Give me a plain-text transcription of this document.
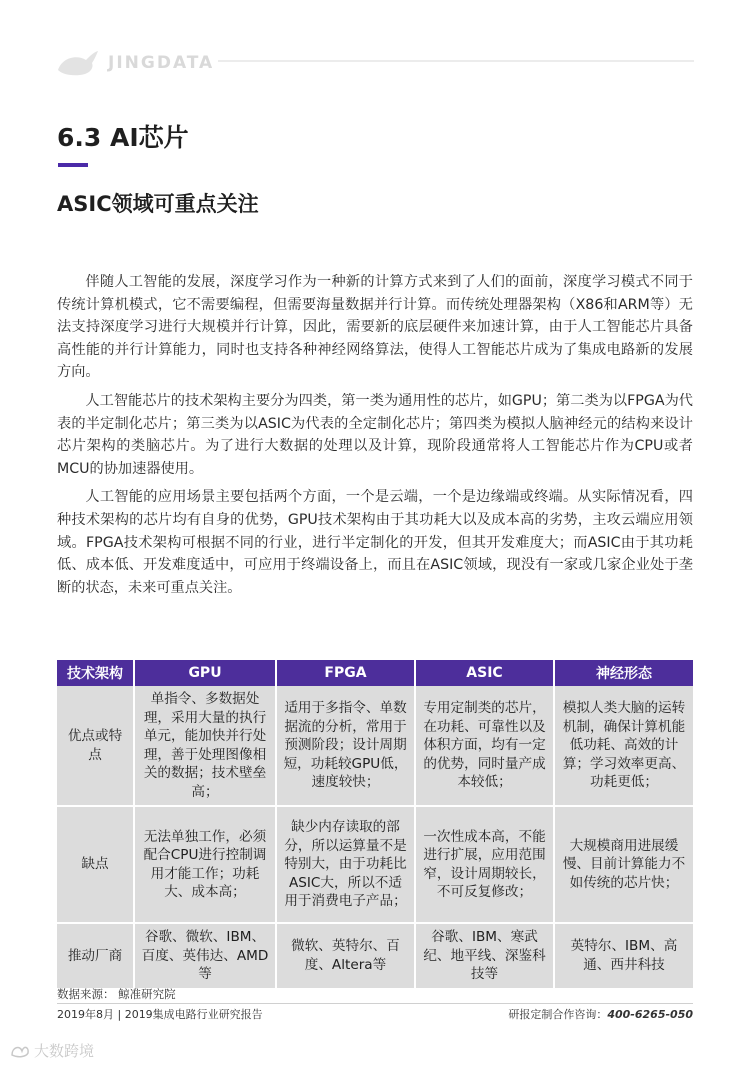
JINGDATA
6.3 AI芯片
ASIC领域可重点关注

伴随人工智能的发展，深度学习作为一种新的计算方式来到了人们的面前，深度学习模式不同于传统计算机模式，它不需要编程，但需要海量数据并行计算。而传统处理器架构（X86和ARM等）无法支持深度学习进行大规模并行计算，因此，需要新的底层硬件来加速计算，由于人工智能芯片具备高性能的并行计算能力，同时也支持各种神经网络算法，使得人工智能芯片成为了集成电路新的发展方向。

人工智能芯片的技术架构主要分为四类，第一类为通用性的芯片，如GPU；第二类为以FPGA为代表的半定制化芯片；第三类为以ASIC为代表的全定制化芯片；第四类为模拟人脑神经元的结构来设计芯片架构的类脑芯片。为了进行大数据的处理以及计算，现阶段通常将人工智能芯片作为CPU或者MCU的协加速器使用。

人工智能的应用场景主要包括两个方面，一个是云端，一个是边缘端或终端。从实际情况看，四种技术架构的芯片均有自身的优势，GPU技术架构由于其功耗大以及成本高的劣势，主攻云端应用领域。FPGA技术架构可根据不同的行业，进行半定制化的开发，但其开发难度大；而ASIC由于其功耗低、成本低、开发难度适中，可应用于终端设备上，而且在ASIC领域，现没有一家或几家企业处于垄断的状态，未来可重点关注。

技术架构	GPU	FPGA	ASIC	神经形态
优点或特点	单指令、多数据处理，采用大量的执行单元，能加快并行处理，善于处理图像相关的数据；技术壁垒高；	适用于多指令、单数据流的分析，常用于预测阶段；设计周期短，功耗较GPU低，速度较快；	专用定制类的芯片，在功耗、可靠性以及体积方面，均有一定的优势，同时量产成本较低；	模拟人类大脑的运转机制，确保计算机能低功耗、高效的计算；学习效率更高、功耗更低；
缺点	无法单独工作，必须配合CPU进行控制调用才能工作；功耗大、成本高；	缺少内存读取的部分，所以运算量不是特别大，由于功耗比ASIC大，所以不适用于消费电子产品；	一次性成本高，不能进行扩展，应用范围窄，设计周期较长，不可反复修改；	大规模商用进展缓慢、目前计算能力不如传统的芯片快；
推动厂商	谷歌、微软、IBM、百度、英伟达、AMD等	微软、英特尔、百度、Altera等	谷歌、IBM、寒武纪、地平线、深鉴科技等	英特尔、IBM、高通、西井科技
数据来源： 鲸准研究院
2019年8月 | 2019集成电路行业研究报告	研报定制合作咨询：400-6265-050
大数跨境
